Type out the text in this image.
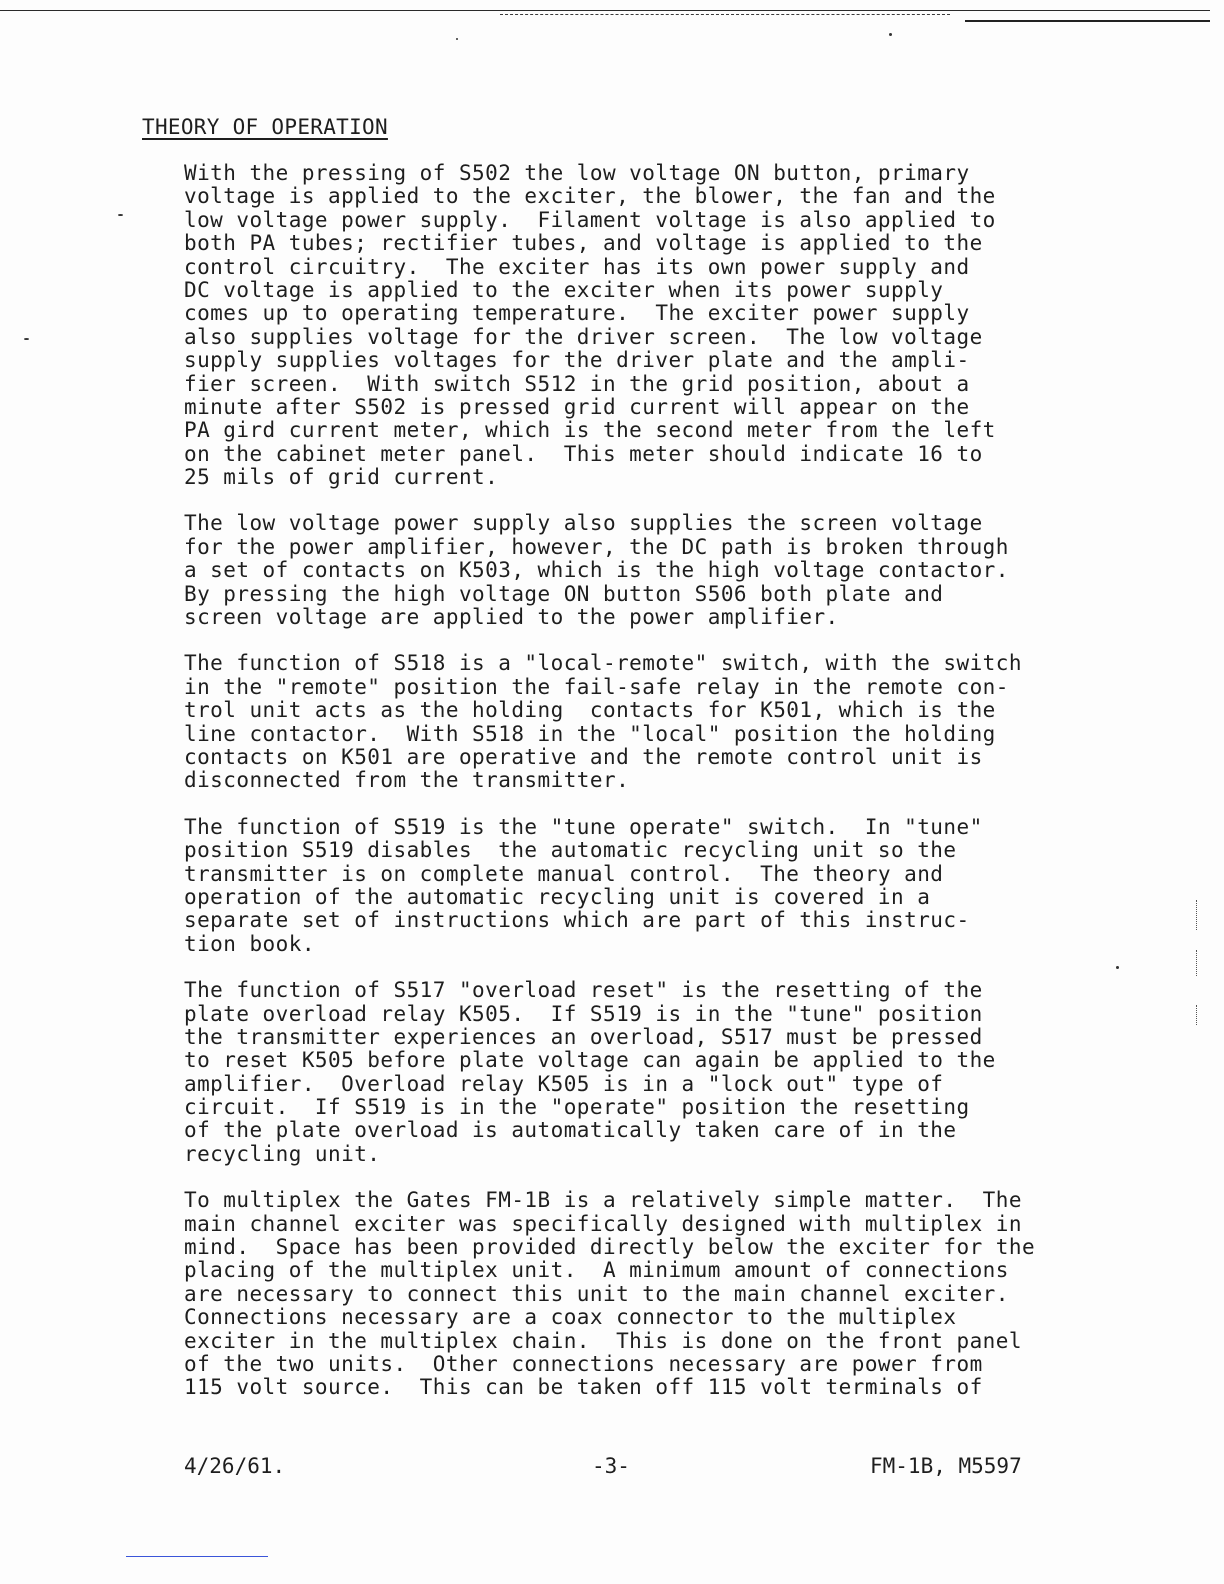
THEORY OF OPERATION
With the pressing of S502 the low voltage ON button, primary
voltage is applied to the exciter, the blower, the fan and the
low voltage power supply.  Filament voltage is also applied to
both PA tubes; rectifier tubes, and voltage is applied to the
control circuitry.  The exciter has its own power supply and
DC voltage is applied to the exciter when its power supply
comes up to operating temperature.  The exciter power supply
also supplies voltage for the driver screen.  The low voltage
supply supplies voltages for the driver plate and the ampli-
fier screen.  With switch S512 in the grid position, about a
minute after S502 is pressed grid current will appear on the
PA gird current meter, which is the second meter from the left
on the cabinet meter panel.  This meter should indicate 16 to
25 mils of grid current.
The low voltage power supply also supplies the screen voltage
for the power amplifier, however, the DC path is broken through
a set of contacts on K503, which is the high voltage contactor.
By pressing the high voltage ON button S506 both plate and
screen voltage are applied to the power amplifier.
The function of S518 is a "local-remote" switch, with the switch
in the "remote" position the fail-safe relay in the remote con-
trol unit acts as the holding  contacts for K501, which is the
line contactor.  With S518 in the "local" position the holding
contacts on K501 are operative and the remote control unit is
disconnected from the transmitter.
The function of S519 is the "tune operate" switch.  In "tune"
position S519 disables  the automatic recycling unit so the
transmitter is on complete manual control.  The theory and
operation of the automatic recycling unit is covered in a
separate set of instructions which are part of this instruc-
tion book.
The function of S517 "overload reset" is the resetting of the
plate overload relay K505.  If S519 is in the "tune" position
the transmitter experiences an overload, S517 must be pressed
to reset K505 before plate voltage can again be applied to the
amplifier.  Overload relay K505 is in a "lock out" type of
circuit.  If S519 is in the "operate" position the resetting
of the plate overload is automatically taken care of in the
recycling unit.
To multiplex the Gates FM-1B is a relatively simple matter.  The
main channel exciter was specifically designed with multiplex in
mind.  Space has been provided directly below the exciter for the
placing of the multiplex unit.  A minimum amount of connections
are necessary to connect this unit to the main channel exciter.
Connections necessary are a coax connector to the multiplex
exciter in the multiplex chain.  This is done on the front panel
of the two units.  Other connections necessary are power from
115 volt source.  This can be taken off 115 volt terminals of
4/26/61.	-3-	FM-1B, M5597
